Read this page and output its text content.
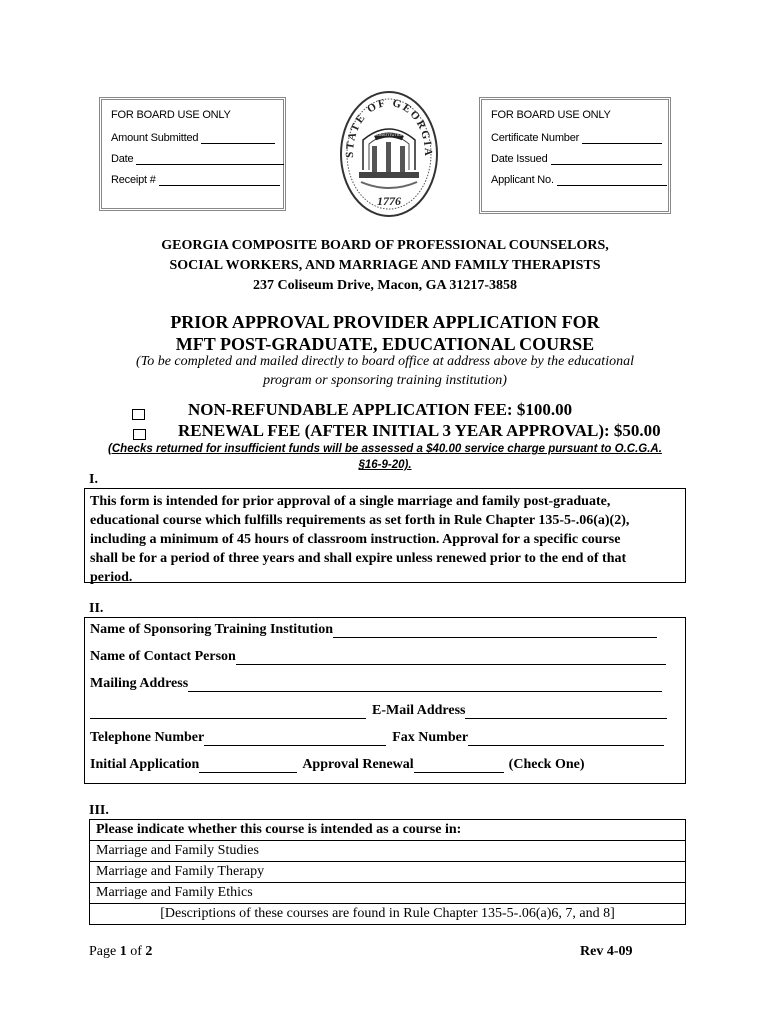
FOR BOARD USE ONLY
Amount Submitted
Date
Receipt #
STATE OF GEORGIA
CONSTITUTION
1776
FOR BOARD USE ONLY
Certificate Number
Date Issued
Applicant No.
GEORGIA COMPOSITE BOARD OF PROFESSIONAL COUNSELORS,
SOCIAL WORKERS, AND MARRIAGE AND FAMILY THERAPISTS
237 Coliseum Drive, Macon, GA 31217-3858
PRIOR APPROVAL PROVIDER APPLICATION FOR
MFT POST-GRADUATE, EDUCATIONAL COURSE
(To be completed and mailed directly to board office at address above by the educational
program or sponsoring training institution)
NON-REFUNDABLE APPLICATION FEE: $100.00
RENEWAL FEE (AFTER INITIAL 3 YEAR APPROVAL): $50.00
(Checks returned for insufficient funds will be assessed a $40.00 service charge pursuant to O.C.G.A.
§16-9-20).
I.
This form is intended for prior approval of a single marriage and family post-graduate,
educational course which fulfills requirements as set forth in Rule Chapter 135-5-.06(a)(2),
including a minimum of 45 hours of classroom instruction. Approval for a specific course
shall be for a period of three years and shall expire unless renewed prior to the end of that
period.
II.
Name of Sponsoring Training Institution
Name of Contact Person
Mailing Address
E-Mail Address
Telephone Number	Fax Number
Initial Application	Approval Renewal	(Check One)
III.
Please indicate whether this course is intended as a course in:
Marriage and Family Studies
Marriage and Family Therapy
Marriage and Family Ethics
[Descriptions of these courses are found in Rule Chapter 135-5-.06(a)6, 7, and 8]
Page 1 of 2	Rev 4-09
